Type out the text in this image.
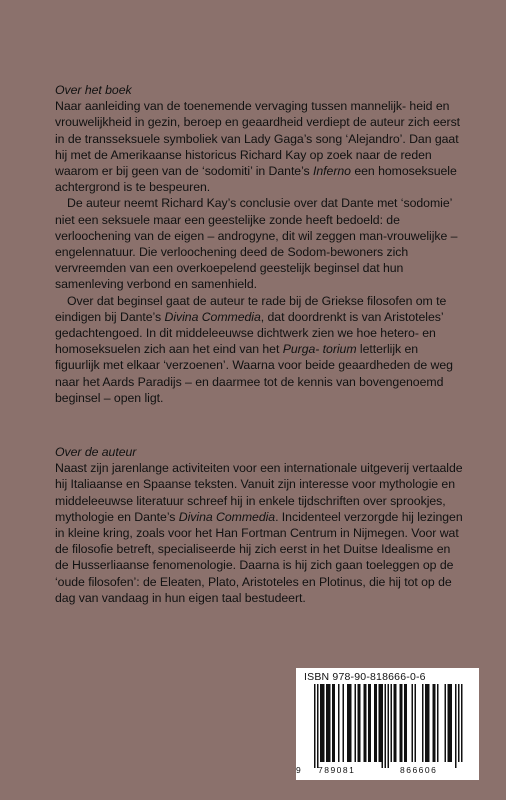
Over het boek

Naar aanleiding van de toenemende vervaging tussen mannelijk- heid en vrouwelijkheid in gezin, beroep en geaardheid verdiept de auteur zich eerst in de transseksuele symboliek van Lady Gaga’s song ‘Alejandro’. Dan gaat hij met de Amerikaanse historicus Richard Kay op zoek naar de reden waarom er bij geen van de ‘sodomiti’ in Dante’s Inferno een homoseksuele achtergrond is te bespeuren.

De auteur neemt Richard Kay’s conclusie over dat Dante met ‘sodomie’ niet een seksuele maar een geestelijke zonde heeft bedoeld: de verloochening van de eigen – androgyne, dit wil zeggen man-vrouwelijke – engelennatuur. Die verloochening deed de Sodom-bewoners zich vervreemden van een overkoepelend geestelijk beginsel dat hun samenleving verbond en samenhield.

Over dat beginsel gaat de auteur te rade bij de Griekse filosofen om te eindigen bij Dante’s Divina Commedia, dat doordrenkt is van Aristoteles’ gedachtengoed. In dit middeleeuwse dichtwerk zien we hoe hetero- en homoseksuelen zich aan het eind van het Purga- torium letterlijk en figuurlijk met elkaar ‘verzoenen’. Waarna voor beide geaardheden de weg naar het Aards Paradijs – en daarmee tot de kennis van bovengenoemd beginsel – open ligt.

Over de auteur

Naast zijn jarenlange activiteiten voor een internationale uitgeverij vertaalde hij Italiaanse en Spaanse teksten. Vanuit zijn interesse voor mythologie en middeleeuwse literatuur schreef hij in enkele tijdschriften over sprookjes, mythologie en Dante’s Divina Commedia. Incidenteel verzorgde hij lezingen in kleine kring, zoals voor het Han Fortman Centrum in Nijmegen. Voor wat de filosofie betreft, specialiseerde hij zich eerst in het Duitse Idealisme en de Husserliaanse fenomenologie. Daarna is hij zich gaan toeleggen op de ‘oude filosofen’: de Eleaten, Plato, Aristoteles en Plotinus, die hij tot op de dag van vandaag in hun eigen taal bestudeert.

ISBN 978-90-818666-0-6
9 789081	866606
